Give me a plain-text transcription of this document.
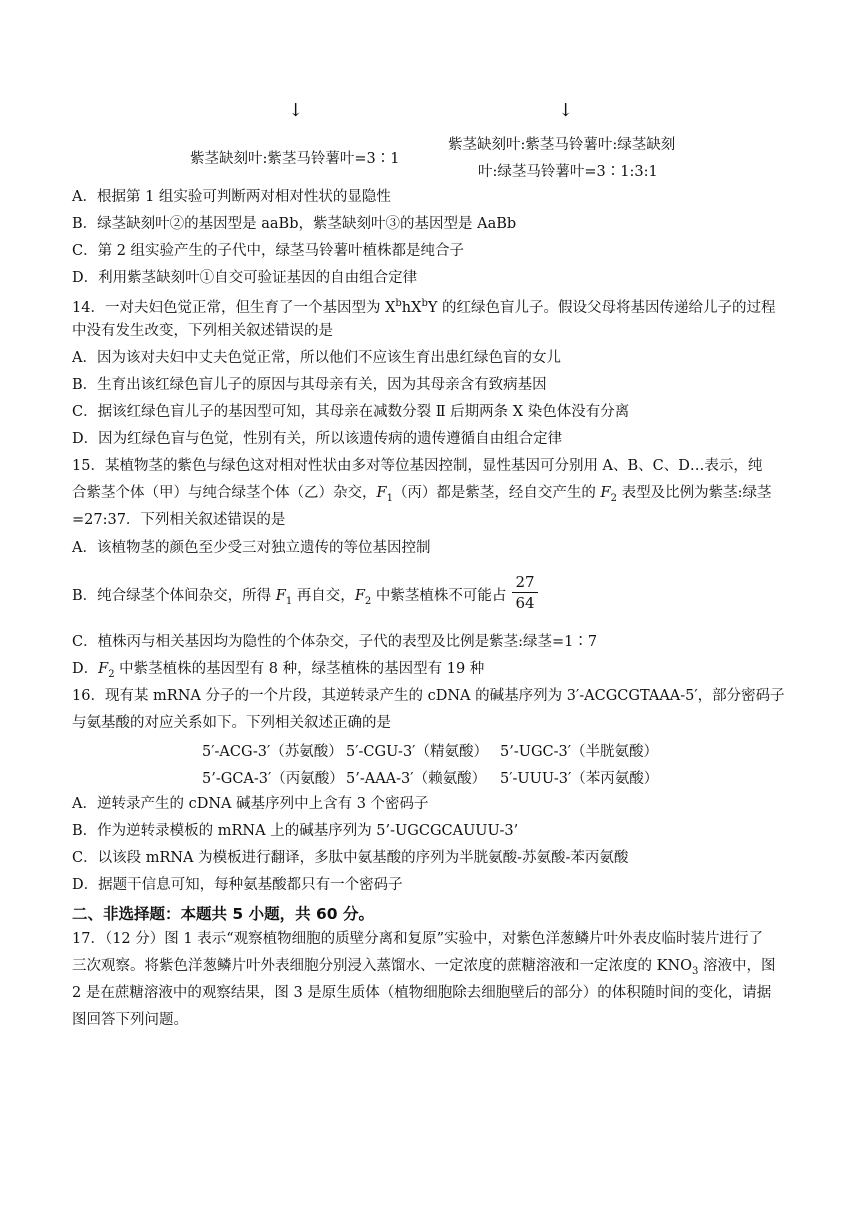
↓	↓
紫茎缺刻叶:紫茎马铃薯叶=3∶1
紫茎缺刻叶:紫茎马铃薯叶:绿茎缺刻
叶:绿茎马铃薯叶=3∶1:3:1
A．根据第 1 组实验可判断两对相对性状的显隐性
B．绿茎缺刻叶②的基因型是 aaBb，紫茎缺刻叶③的基因型是 AaBb
C．第 2 组实验产生的子代中，绿茎马铃薯叶植株都是纯合子
D．利用紫茎缺刻叶①自交可验证基因的自由组合定律
14．一对夫妇色觉正常，但生育了一个基因型为 $X^bhX^bY$ 的红绿色盲儿子。假设父母将基因传递给儿子的过程
中没有发生改变，下列相关叙述错误的是
A．因为该对夫妇中丈夫色觉正常，所以他们不应该生育出患红绿色盲的女儿
B．生育出该红绿色盲儿子的原因与其母亲有关，因为其母亲含有致病基因
C．据该红绿色盲儿子的基因型可知，其母亲在减数分裂 Ⅱ 后期两条 X 染色体没有分离
D．因为红绿色盲与色觉，性别有关，所以该遗传病的遗传遵循自由组合定律
15．某植物茎的紫色与绿色这对相对性状由多对等位基因控制，显性基因可分别用 A、B、C、D…表示，纯
合紫茎个体（甲）与纯合绿茎个体（乙）杂交，$F_1$（丙）都是紫茎，经自交产生的 $F_2$ 表型及比例为紫茎:绿茎
=27:37．下列相关叙述错误的是
A．该植物茎的颜色至少受三对独立遗传的等位基因控制
B．纯合绿茎个体间杂交，所得 $F_1$ 再自交，$F_2$ 中紫茎植株不可能占 $\frac{27}{64}$
C．植株丙与相关基因均为隐性的个体杂交，子代的表型及比例是紫茎:绿茎=1∶7
D．$F_2$ 中紫茎植株的基因型有 8 种，绿茎植株的基因型有 19 种
16．现有某 mRNA 分子的一个片段，其逆转录产生的 cDNA 的碱基序列为 3′-ACGCGTAAA-5′，部分密码子
与氨基酸的对应关系如下。下列相关叙述正确的是
5′-ACG-3′（苏氨酸） 5′-CGU-3′（精氨酸） 5’-UGC-3′（半胱氨酸）
5’-GCA-3′（丙氨酸） 5’-AAA-3′（赖氨酸） 5′-UUU-3′（苯丙氨酸）
A．逆转录产生的 cDNA 碱基序列中上含有 3 个密码子
B．作为逆转录模板的 mRNA 上的碱基序列为 5’-UGCGCAUUU-3’
C．以该段 mRNA 为模板进行翻译，多肽中氨基酸的序列为半胱氨酸-苏氨酸-苯丙氨酸
D．据题干信息可知，每种氨基酸都只有一个密码子
二、非选择题：本题共 5 小题，共 60 分。
17．（12 分）图 1 表示“观察植物细胞的质壁分离和复原”实验中，对紫色洋葱鳞片叶外表皮临时装片进行了
三次观察。将紫色洋葱鳞片叶外表细胞分别浸入蒸馏水、一定浓度的蔗糖溶液和一定浓度的 $KNO_3$ 溶液中，图
2 是在蔗糖溶液中的观察结果，图 3 是原生质体（植物细胞除去细胞壁后的部分）的体积随时间的变化，请据
图回答下列问题。
